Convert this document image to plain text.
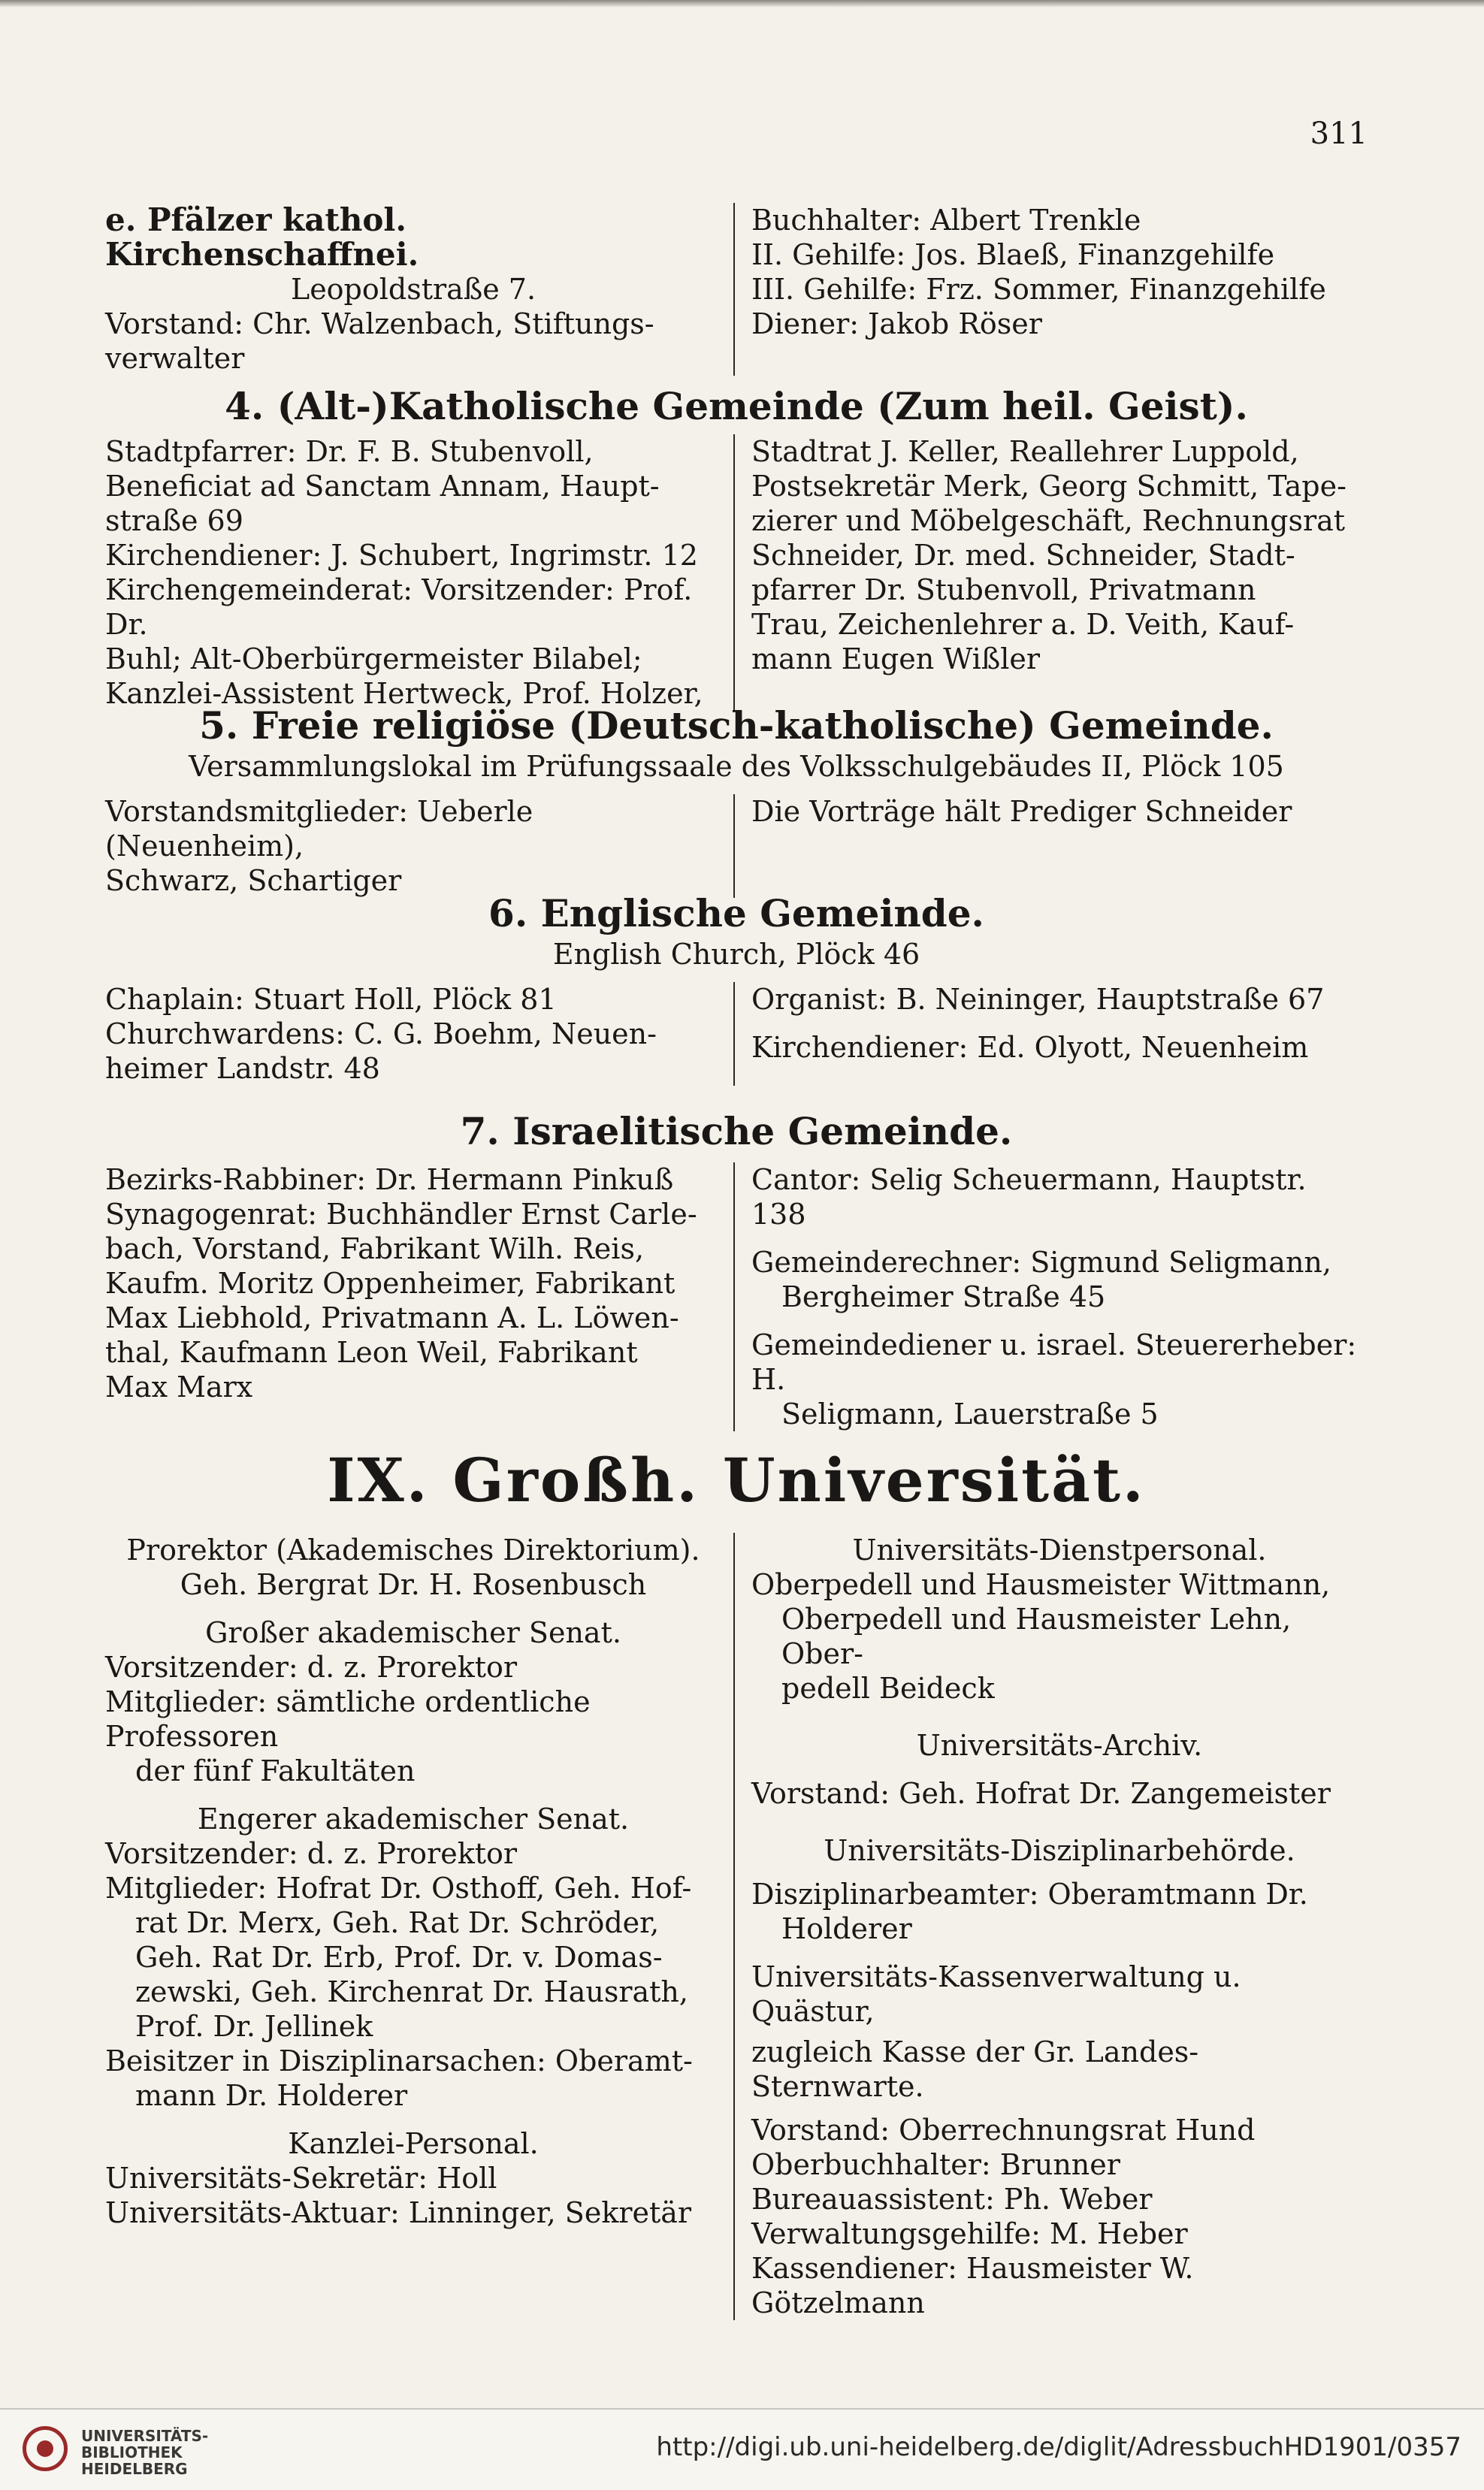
311

e. Pfälzer kathol. Kirchenschaffnei.

Leopoldstraße 7.

Vorstand: Chr. Walzenbach, Stiftungs-

verwalter

Buchhalter: Albert Trenkle

II. Gehilfe: Jos. Blaeß, Finanzgehilfe

III. Gehilfe: Frz. Sommer, Finanzgehilfe

Diener: Jakob Röser

4. (Alt-)Katholische Gemeinde (Zum heil. Geist).

Stadtpfarrer: Dr. F. B. Stubenvoll,

Beneficiat ad Sanctam Annam, Haupt-

straße 69

Kirchendiener: J. Schubert, Ingrimstr. 12

Kirchengemeinderat: Vorsitzender: Prof. Dr.

Buhl; Alt-Oberbürgermeister Bilabel;

Kanzlei-Assistent Hertweck, Prof. Holzer,

Stadtrat J. Keller, Reallehrer Luppold,

Postsekretär Merk, Georg Schmitt, Tape-

zierer und Möbelgeschäft, Rechnungsrat

Schneider, Dr. med. Schneider, Stadt-

pfarrer Dr. Stubenvoll, Privatmann

Trau, Zeichenlehrer a. D. Veith, Kauf-

mann Eugen Wißler

5. Freie religiöse (Deutsch-katholische) Gemeinde.
Versammlungslokal im Prüfungssaale des Volksschulgebäudes II, Plöck 105

Vorstandsmitglieder: Ueberle (Neuenheim),

Schwarz, Schartiger

Die Vorträge hält Prediger Schneider

6. Englische Gemeinde.
English Church, Plöck 46

Chaplain: Stuart Holl, Plöck 81

Churchwardens: C. G. Boehm, Neuen-

heimer Landstr. 48

Organist: B. Neininger, Hauptstraße 67

Kirchendiener: Ed. Olyott, Neuenheim

7. Israelitische Gemeinde.

Bezirks-Rabbiner: Dr. Hermann Pinkuß

Synagogenrat: Buchhändler Ernst Carle-

bach, Vorstand, Fabrikant Wilh. Reis,

Kaufm. Moritz Oppenheimer, Fabrikant

Max Liebhold, Privatmann A. L. Löwen-

thal, Kaufmann Leon Weil, Fabrikant

Max Marx

Cantor: Selig Scheuermann, Hauptstr. 138

Gemeinderechner: Sigmund Seligmann,

Bergheimer Straße 45

Gemeindediener u. israel. Steuererheber: H.

Seligmann, Lauerstraße 5

IX. Großh. Universität.

Prorektor (Akademisches Direktorium).

Geh. Bergrat Dr. H. Rosenbusch

Großer akademischer Senat.

Vorsitzender: d. z. Prorektor

Mitglieder: sämtliche ordentliche Professoren

der fünf Fakultäten

Engerer akademischer Senat.

Vorsitzender: d. z. Prorektor

Mitglieder: Hofrat Dr. Osthoff, Geh. Hof-

rat Dr. Merx, Geh. Rat Dr. Schröder,

Geh. Rat Dr. Erb, Prof. Dr. v. Domas-

zewski, Geh. Kirchenrat Dr. Hausrath,

Prof. Dr. Jellinek

Beisitzer in Disziplinarsachen: Oberamt-

mann Dr. Holderer

Kanzlei-Personal.

Universitäts-Sekretär: Holl

Universitäts-Aktuar: Linninger, Sekretär

Universitäts-Dienstpersonal.

Oberpedell und Hausmeister Wittmann,

Oberpedell und Hausmeister Lehn, Ober-

pedell Beideck

Universitäts-Archiv.

Vorstand: Geh. Hofrat Dr. Zangemeister

Universitäts-Disziplinarbehörde.

Disziplinarbeamter: Oberamtmann Dr.

Holderer

Universitäts-Kassenverwaltung u. Quästur,

zugleich Kasse der Gr. Landes-Sternwarte.

Vorstand: Oberrechnungsrat Hund

Oberbuchhalter: Brunner

Bureauassistent: Ph. Weber

Verwaltungsgehilfe: M. Heber

Kassendiener: Hausmeister W. Götzelmann

UNIVERSITÄTS-
BIBLIOTHEK
HEIDELBERG
http://digi.ub.uni-heidelberg.de/diglit/AdressbuchHD1901/0357
